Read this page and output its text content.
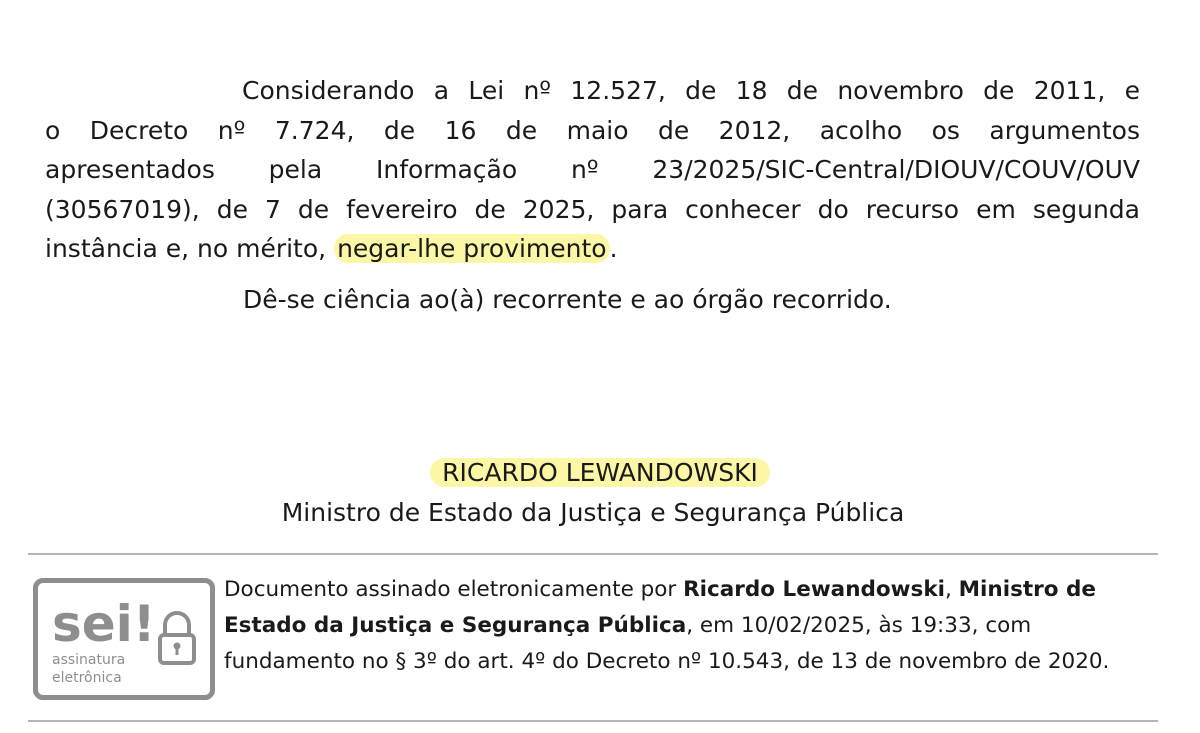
Considerando a Lei nº 12.527, de 18 de novembro de 2011, e
o Decreto nº 7.724, de 16 de maio de 2012, acolho os argumentos
apresentados pela Informação nº 23/2025/SIC-Central/DIOUV/COUV/OUV
(30567019), de 7 de fevereiro de 2025, para conhecer do recurso em segunda
instância e, no mérito, negar-lhe provimento .

Dê-se ciência ao(à) recorrente e ao órgão recorrido.

RICARDO LEWANDOWSKI

Ministro de Estado da Justiça e Segurança Pública

sei!
assinatura
eletrônica

Documento assinado eletronicamente por Ricardo Lewandowski, Ministro de Estado da Justiça e Segurança Pública, em 10/02/2025, às 19:33, com fundamento no § 3º do art. 4º do Decreto nº 10.543, de 13 de novembro de 2020.
